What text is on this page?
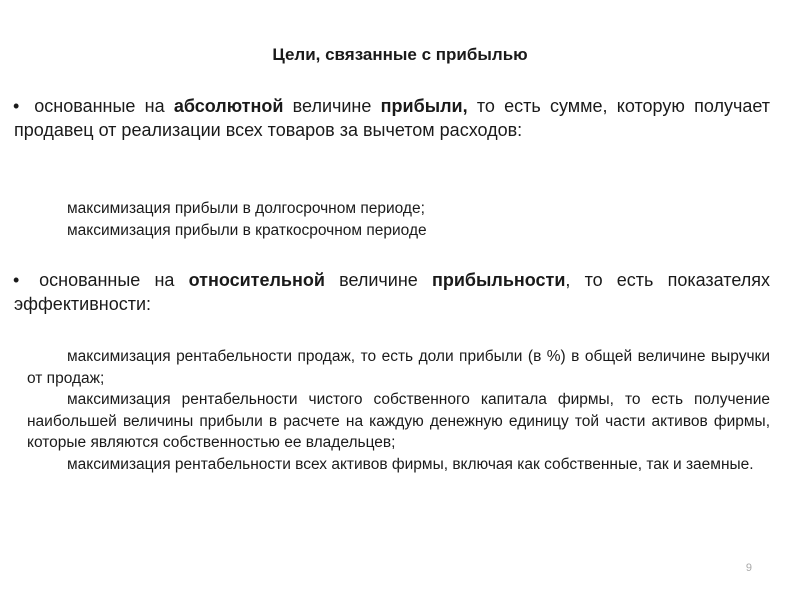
Цели, связанные с прибылью
• основанные на абсолютной величине прибыли, то есть сумме, которую получает продавец от реализации всех товаров за вычетом расходов:

максимизация прибыли в долгосрочном периоде;

максимизация прибыли в краткосрочном периоде

• основанные на относительной величине прибыльности, то есть показателях эффективности:

максимизация рентабельности продаж, то есть доли прибыли (в %) в общей величине выручки от продаж;

максимизация рентабельности чистого собственного капитала фирмы, то есть получение наибольшей величины прибыли в расчете на каждую денежную единицу той части активов фирмы, которые являются собственностью ее владельцев;

максимизация рентабельности всех активов фирмы, включая как собственные, так и заемные.

9
